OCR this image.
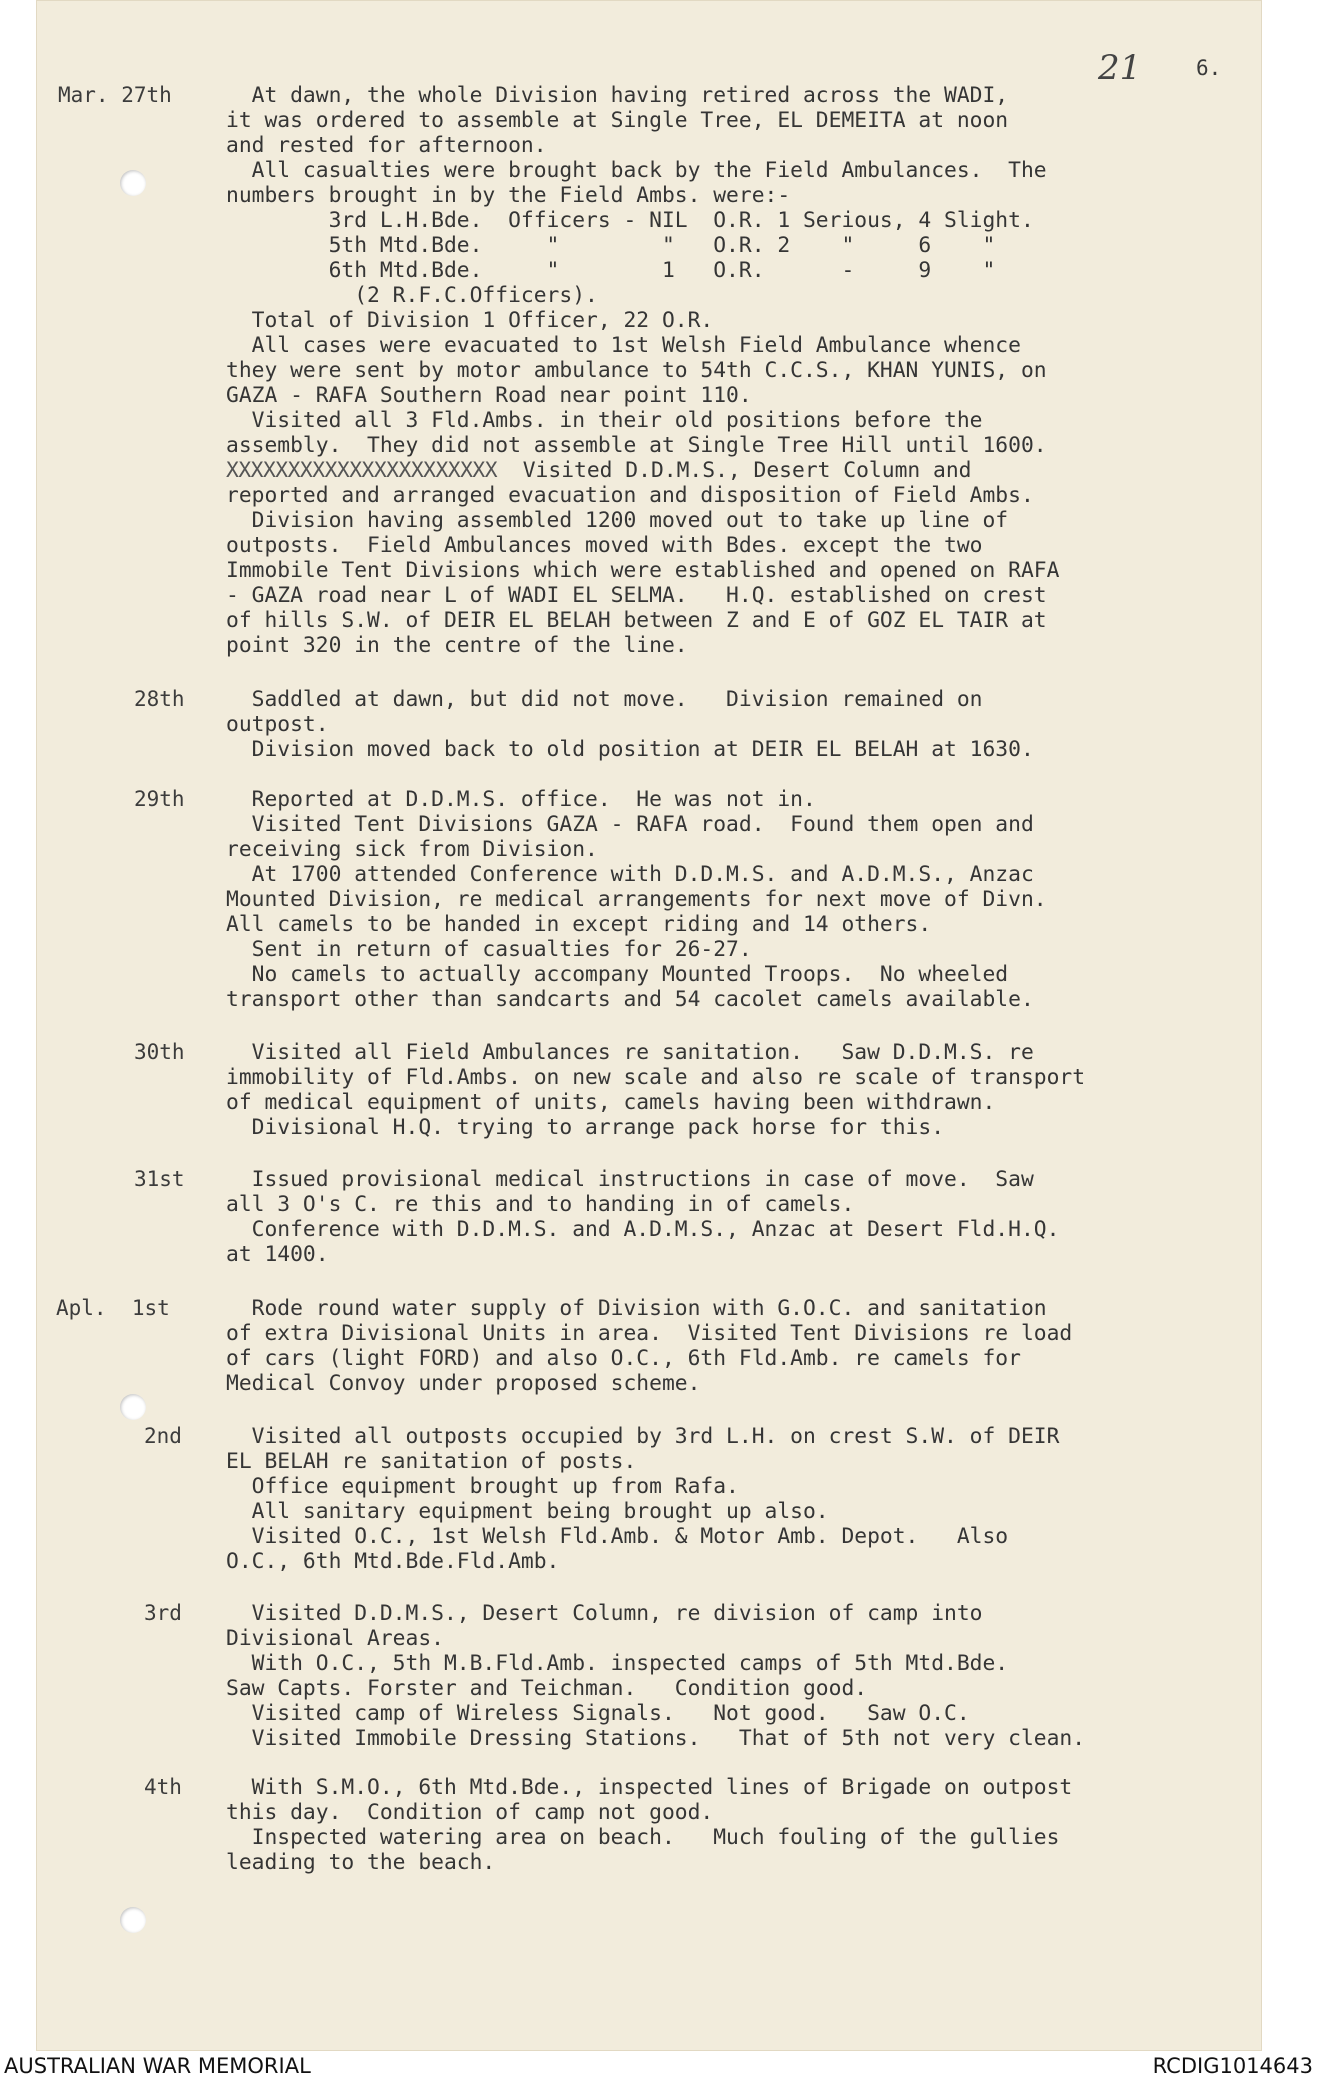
21	6.
Mar. 27th	At dawn, the whole Division having retired across the WADI,
it was ordered to assemble at Single Tree, EL DEMEITA at noon
and rested for afternoon.
All casualties were brought back by the Field Ambulances.  The
numbers brought in by the Field Ambs. were:-
3rd L.H.Bde.  Officers - NIL  O.R. 1 Serious, 4 Slight.
5th Mtd.Bde.     "        "   O.R. 2    "     6    "
6th Mtd.Bde.     "        1   O.R.      -     9    "
(2 R.F.C.Officers).
Total of Division 1 Officer, 22 O.R.
All cases were evacuated to 1st Welsh Field Ambulance whence
they were sent by motor ambulance to 54th C.C.S., KHAN YUNIS, on
GAZA - RAFA Southern Road near point 110.
Visited all 3 Fld.Ambs. in their old positions before the
assembly.  They did not assemble at Single Tree Hill until 1600.
XXXXXXXXXXXXXXXXXXXXXX  Visited D.D.M.S., Desert Column and
reported and arranged evacuation and disposition of Field Ambs.
Division having assembled 1200 moved out to take up line of
outposts.  Field Ambulances moved with Bdes. except the two
Immobile Tent Divisions which were established and opened on RAFA
- GAZA road near L of WADI EL SELMA.   H.Q. established on crest
of hills S.W. of DEIR EL BELAH between Z and E of GOZ EL TAIR at
point 320 in the centre of the line.
28th Saddled at dawn, but did not move.   Division remained on
outpost.
Division moved back to old position at DEIR EL BELAH at 1630.
29th Reported at D.D.M.S. office.  He was not in.
Visited Tent Divisions GAZA - RAFA road.  Found them open and
receiving sick from Division.
At 1700 attended Conference with D.D.M.S. and A.D.M.S., Anzac
Mounted Division, re medical arrangements for next move of Divn.
All camels to be handed in except riding and 14 others.
Sent in return of casualties for 26-27.
No camels to actually accompany Mounted Troops.  No wheeled
transport other than sandcarts and 54 cacolet camels available.
30th Visited all Field Ambulances re sanitation.   Saw D.D.M.S. re
immobility of Fld.Ambs. on new scale and also re scale of transport
of medical equipment of units, camels having been withdrawn.
Divisional H.Q. trying to arrange pack horse for this.
31st Issued provisional medical instructions in case of move.  Saw
all 3 O's C. re this and to handing in of camels.
Conference with D.D.M.S. and A.D.M.S., Anzac at Desert Fld.H.Q.
at 1400.
Apl.  1st	Rode round water supply of Division with G.O.C. and sanitation
of extra Divisional Units in area.  Visited Tent Divisions re load
of cars (light FORD) and also O.C., 6th Fld.Amb. re camels for
Medical Convoy under proposed scheme.
2nd Visited all outposts occupied by 3rd L.H. on crest S.W. of DEIR
EL BELAH re sanitation of posts.
Office equipment brought up from Rafa.
All sanitary equipment being brought up also.
Visited O.C., 1st Welsh Fld.Amb. & Motor Amb. Depot.   Also
O.C., 6th Mtd.Bde.Fld.Amb.
3rd Visited D.D.M.S., Desert Column, re division of camp into
Divisional Areas.
With O.C., 5th M.B.Fld.Amb. inspected camps of 5th Mtd.Bde.
Saw Capts. Forster and Teichman.   Condition good.
Visited camp of Wireless Signals.   Not good.   Saw O.C.
Visited Immobile Dressing Stations.   That of 5th not very clean.
4th With S.M.O., 6th Mtd.Bde., inspected lines of Brigade on outpost
this day.  Condition of camp not good.
Inspected watering area on beach.   Much fouling of the gullies
leading to the beach.
AUSTRALIAN WAR MEMORIAL	RCDIG1014643
